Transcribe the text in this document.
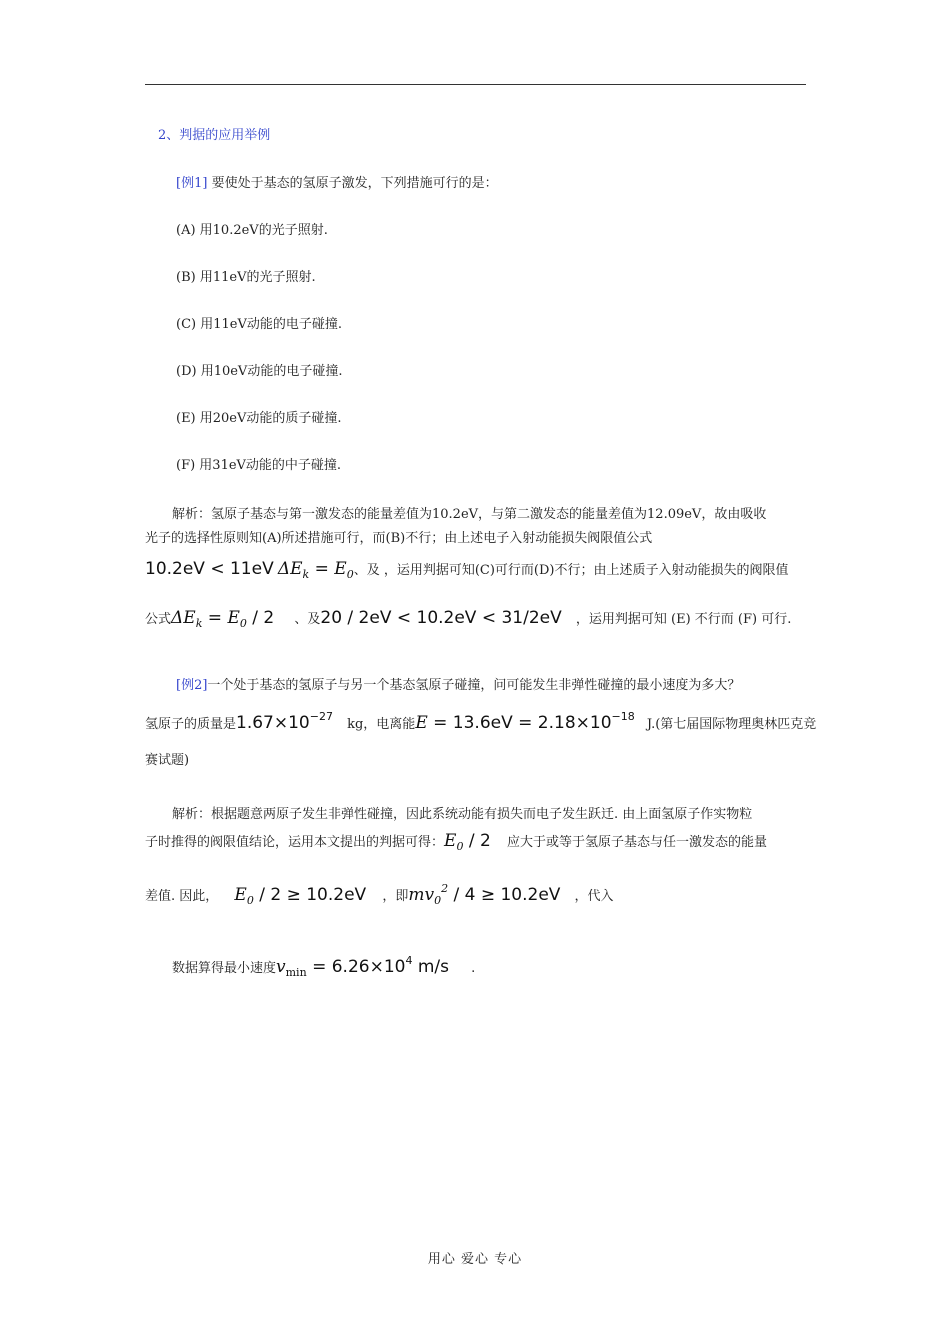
2、判据的应用举例
[例1] 要使处于基态的氢原子激发，下列措施可行的是：
(A) 用10.2eV的光子照射.
(B) 用11eV的光子照射.
(C) 用11eV动能的电子碰撞.
(D) 用10eV动能的电子碰撞.
(E) 用20eV动能的质子碰撞.
(F) 用31eV动能的中子碰撞.
解析：氢原子基态与第一激发态的能量差值为10.2eV，与第二激发态的能量差值为12.09eV，故由吸收
光子的选择性原则知(A)所述措施可行，而(B)不行；由上述电子入射动能损失阀限值公式
10.2eV < 11eV $\Delta E_k = E_0$、及 ，运用判据可知(C)可行而(D)不行；由上述质子入射动能损失的阀限值
公式$\Delta E_k = E_0 / 2$ 、及20 / 2eV < 10.2eV < 31/2eV ，运用判据可知 (E) 不行而 (F) 可行.
[例2]一个处于基态的氢原子与另一个基态氢原子碰撞，问可能发生非弹性碰撞的最小速度为多大？
氢原子的质量是$1.67\times 10^{-27}$ kg，电离能$E = 13.6eV = 2.18\times 10^{-18}$ J.(第七届国际物理奥林匹克竞
赛试题)
解析：根据题意两原子发生非弹性碰撞，因此系统动能有损失而电子发生跃迁. 由上面氢原子作实物粒
子时推得的阀限值结论，运用本文提出的判据可得：$E_0 / 2$ 应大于或等于氢原子基态与任一激发态的能量
差值. 因此， $E_0 / 2 \ge 10.2eV$ ，即$mv_0^2 / 4 \ge 10.2eV$ ，代入
数据算得最小速度$v_{min} = 6.26\times 10^4$ m/s .
用心 爱心 专心
